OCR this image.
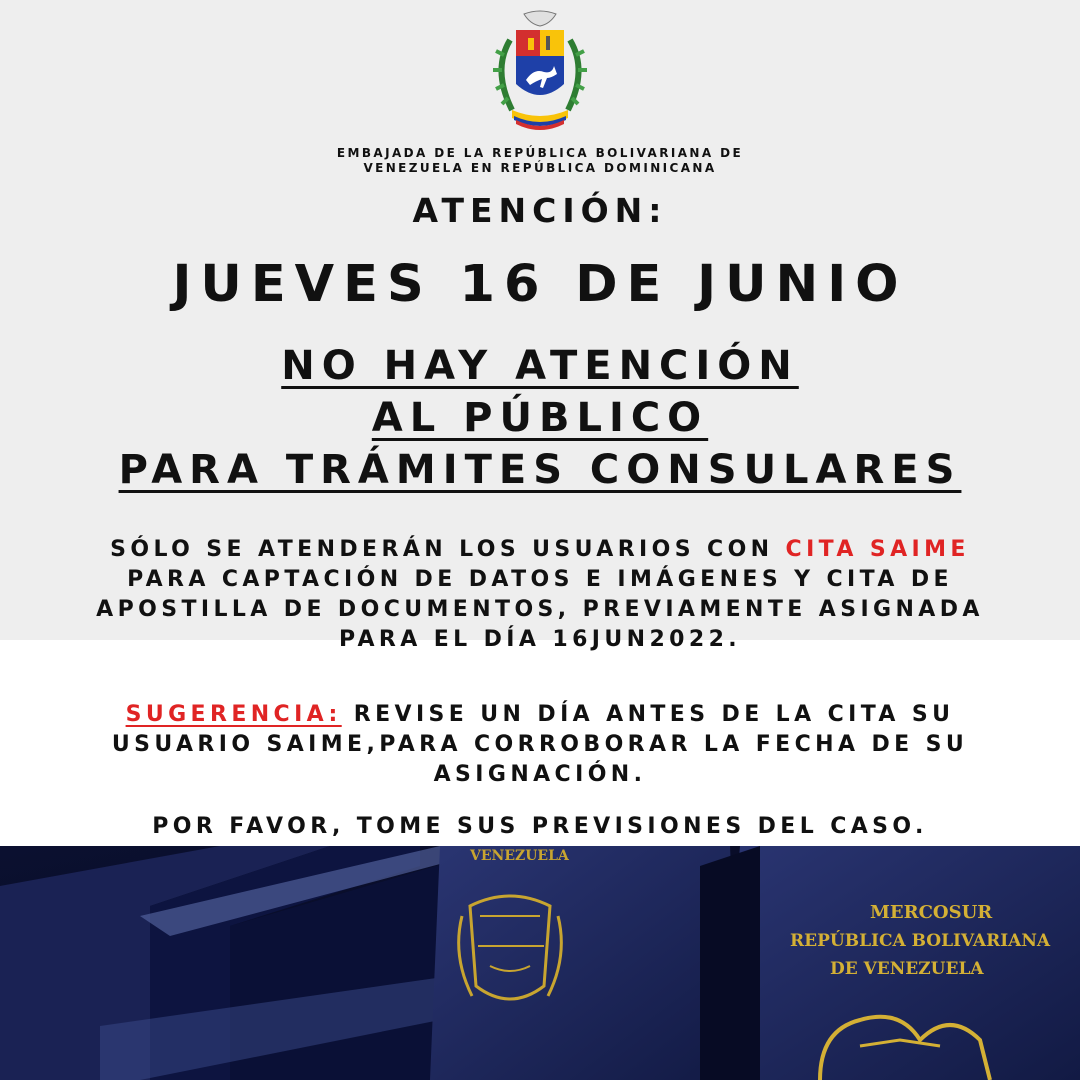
EMBAJADA DE LA REPÚBLICA BOLIVARIANA DE
VENEZUELA EN REPÚBLICA DOMINICANA
ATENCIÓN:
JUEVES 16 DE JUNIO
NO HAY ATENCIÓN
AL PÚBLICO
PARA TRÁMITES CONSULARES
SÓLO SE ATENDERÁN LOS USUARIOS CON CITA SAIME
PARA CAPTACIÓN DE DATOS E IMÁGENES Y CITA DE
APOSTILLA DE DOCUMENTOS, PREVIAMENTE ASIGNADA
PARA EL DÍA 16JUN2022.
SUGERENCIA: REVISE UN DÍA ANTES DE LA CITA SU
USUARIO SAIME,PARA CORROBORAR LA FECHA DE SU
ASIGNACIÓN.
POR FAVOR, TOME SUS PREVISIONES DEL CASO.
VENEZUELA
MERCOSUR
REPÚBLICA BOLIVARIANA
DE VENEZUELA
